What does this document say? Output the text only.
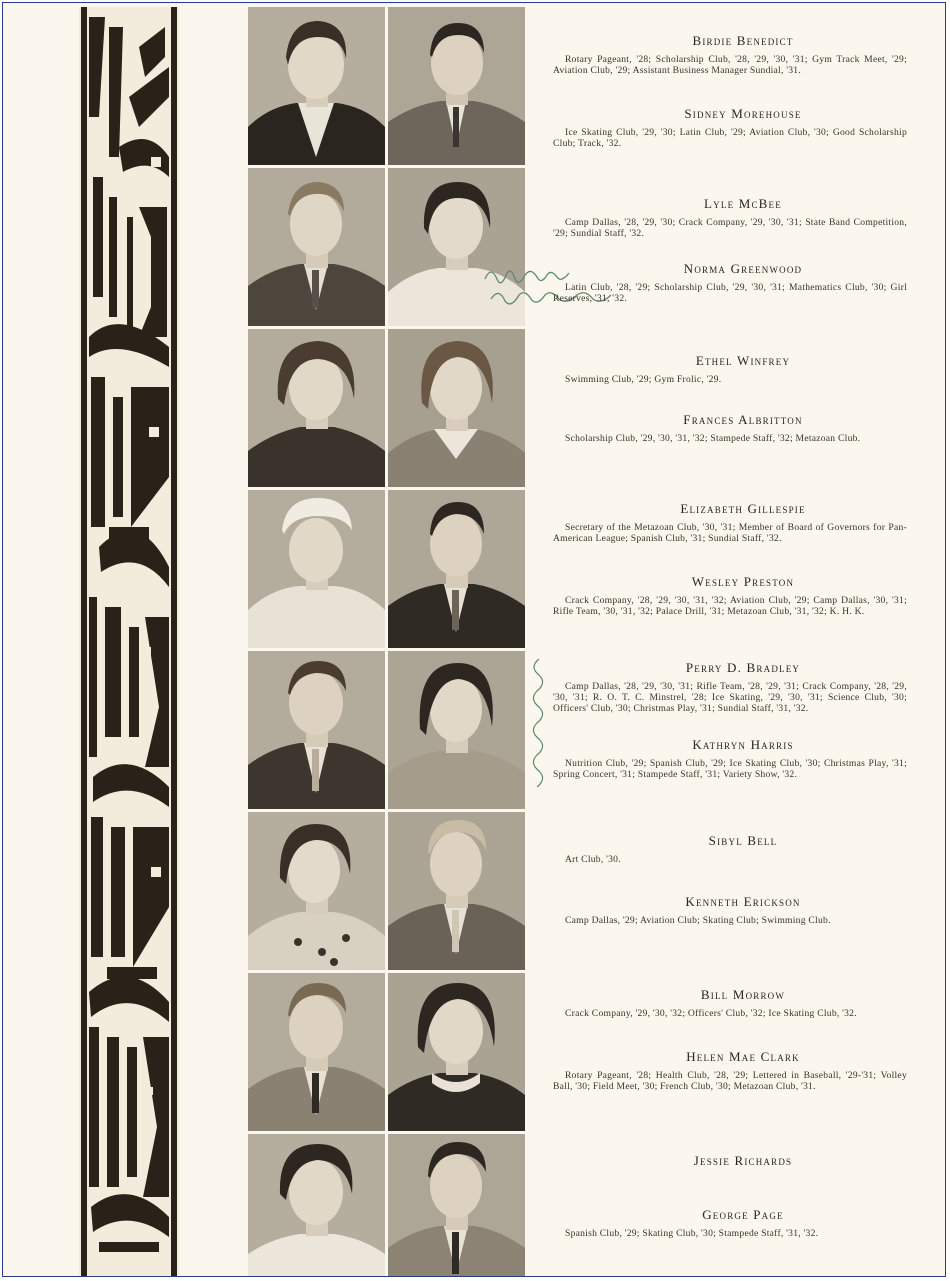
Birdie Benedict
Rotary Pageant, '28; Scholarship Club, '28, '29, '30, '31; Gym Track Meet, '29; Aviation Club, '29; Assistant Business Manager Sundial, '31.
Sidney Morehouse
Ice Skating Club, '29, '30; Latin Club, '29; Aviation Club, '30; Good Scholarship Club; Track, '32.
Lyle McBee
Camp Dallas, '28, '29, '30; Crack Company, '29, '30, '31; State Band Competition, '29; Sundial Staff, '32.
Norma Greenwood
Latin Club, '28, '29; Scholarship Club, '29, '30, '31; Mathematics Club, '30; Girl Reserves, '31, '32.
Ethel Winfrey
Swimming Club, '29; Gym Frolic, '29.
Frances Albritton
Scholarship Club, '29, '30, '31, '32; Stampede Staff, '32; Metazoan Club.
Elizabeth Gillespie
Secretary of the Metazoan Club, '30, '31; Member of Board of Governors for Pan-American League; Spanish Club, '31; Sundial Staff, '32.
Wesley Preston
Crack Company, '28, '29, '30, '31, '32; Aviation Club, '29; Camp Dallas, '30, '31; Rifle Team, '30, '31, '32; Palace Drill, '31; Metazoan Club, '31, '32; K. H. K.
Perry D. Bradley
Camp Dallas, '28, '29, '30, '31; Rifle Team, '28, '29, '31; Crack Company, '28, '29, '30, '31; R. O. T. C. Minstrel, '28; Ice Skating, '29, '30, '31; Science Club, '30; Officers' Club, '30; Christmas Play, '31; Sundial Staff, '31, '32.
Kathryn Harris
Nutrition Club, '29; Spanish Club, '29; Ice Skating Club, '30; Christmas Play, '31; Spring Concert, '31; Stampede Staff, '31; Variety Show, '32.
Sibyl Bell
Art Club, '30.
Kenneth Erickson
Camp Dallas, '29; Aviation Club; Skating Club; Swimming Club.
Bill Morrow
Crack Company, '29, '30, '32; Officers' Club, '32; Ice Skating Club, '32.
Helen Mae Clark
Rotary Pageant, '28; Health Club, '28, '29; Lettered in Baseball, '29-'31; Volley Ball, '30; Field Meet, '30; French Club, '30; Metazoan Club, '31.
Jessie Richards
George Page
Spanish Club, '29; Skating Club, '30; Stampede Staff, '31, '32.
